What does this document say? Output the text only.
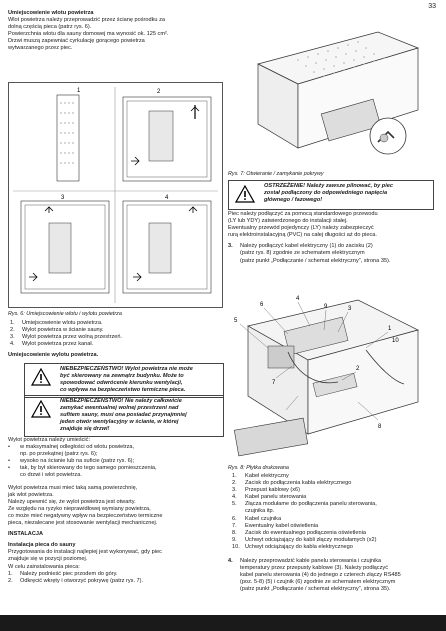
33

Umiejscowienie wlotu powietrza

Wlot powietrza należy przeprowadzić przez ścianę pośrodku za

dolną częścią pieca (patrz rys. 6).

Powierzchnia wlotu dla sauny domowej ma wynosić ok. 125 cm².

Drzwi muszą zapewniać cyrkulację gorącego powietrza

wytwarzanego przez piec.

1	2
3	4
Rys. 6: Umiejscowienie wlotu i wylotu powietrza
1.	Umiejscowienie wlotu powietrza.
2.	Wylot powietrza w ścianie sauny.
3.	Wylot powietrza przez wolną przestrzeń.
4.	Wylot powietrza przez kanał.

Umiejscowienie wylotu powietrza.

NIEBEZPIECZEŃSTWO! Wylot powietrza nie może

być skierowany na zewnątrz budynku. Może to

spowodować odwrócenie kierunku wentylacji,

co wpływa na bezpieczeństwo termiczne pieca.

NIEBEZPIECZEŃSTWO! Nie należy całkowicie

zamykać ewentualnej wolnej przestrzeni nad

sufitem sauny, musi ona posiadać przynajmniej

jeden otwór wentylacyjny w ścianie, w której

znajduje się drzwi!

Wylot powietrza należy umieścić:

•	w maksymalnej odległości od wlotu powietrza,
np. po przekątnej (patrz rys. 6);
•	wysoko na ścianie lub na suficie (patrz rys. 6);
•	tak, by był skierowany do tego samego pomieszczenia,
co drzwi i wlot powietrza.

Wylot powietrza musi mieć taką samą powierzchnię,

jak wlot powietrza.

Należy upewnić się, że wylot powietrza jest otwarty.

Ze względu na ryzyko nieprawidłowej wymiany powietrza,

co może mieć negatywny wpływ na bezpieczeństwo termiczne

pieca, niezalecane jest stosowanie wentylacji mechanicznej.

INSTALACJA

Instalacja pieca do sauny

Przygotowania do instalacji najlepiej jest wykonywać, gdy piec

znajduje się w pozycji poziomej.

W celu zainstalowania pieca:

1.	Należy podnieść piec przodem do góry.
2.	Odkręcić wkręty i otworzyć pokrywę (patrz rys. 7).
Rys. 7: Otwieranie / zamykanie pokrywy

OSTRZEŻENIE! Należy zawsze pilnować, by piec

został podłączony do odpowiedniego napięcia

głównego / fazowego!

Piec należy podłączyć za pomocą standardowego przewodu

(LY lub YDY) zatwierdzonego do instalacji stałej.

Ewentualny przewód pojedynczy (LY) należy zabezpieczyć

rurą elektroinstalacyjną (PVC) na całej długości aż do pieca.

3.	Należy podłączyć kabel elektryczny (1) do zacisku (2)
(patrz rys. 8) zgodnie ze schematem elektrycznym
(patrz punkt „Podłączanie / schemat elektryczny”, strona 35).
6
4
9	3
5
1
10
7
2
8
Rys. 8: Płytka drukowana
1.	Kabel elektryczny
2.	Zacisk do podłączenia kabla elektrycznego
3.	Przepust kablowy (x6)
4.	Kabel panelu sterowania
5.	Złącza modułame do podłączenia panelu sterowania,
czujnika itp.
6.	Kabel czujnika
7.	Ewentualny kabel oświetlenia
8.	Zacisk do ewentualnego podłączenia oświetlenia
9.	Uchwyt odciążający do kabli złączy modułamych (x2)
10. Uchwyt odciążający do kabla elektrycznego
4.	Należy przeprowadzić kable panelu sterowania i czujnika
temperatury przez przepusty kablowe (3). Należy podłączyć
kabel panelu sterowania (4) do jednego z czterech złączy RS485
(poz. 5-8) (5) i czujnik (6) zgodnie ze schematem elektrycznym
(patrz punkt „Podłączanie / schemat elektryczny”, strona 35).
